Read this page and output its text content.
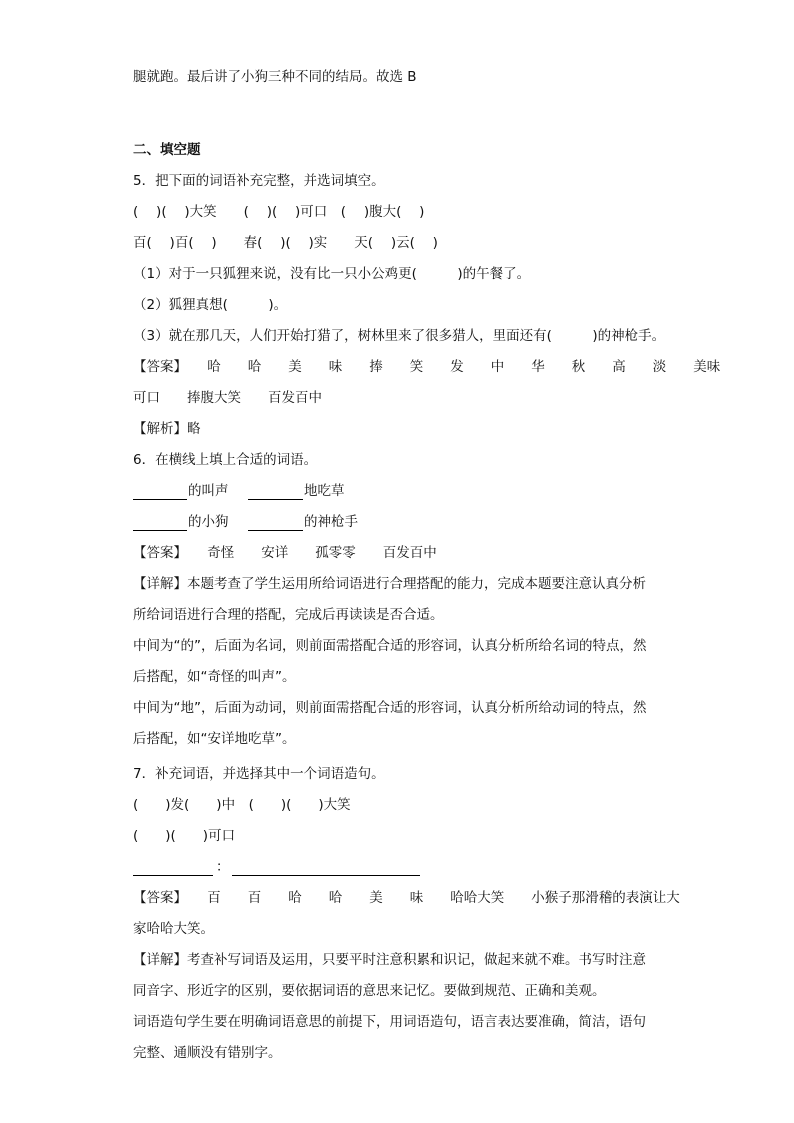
腿就跑。最后讲了小狗三种不同的结局。故选 B
二、填空题
5．把下面的词语补充完整，并选词填空。
(　 )(　 )大笑　　(　 )(　 )可口　(　 )腹大(　 )
百(　 )百(　 )　　春(　 )(　 )实　　天(　 )云(　 )
（1）对于一只狐狸来说，没有比一只小公鸡更(　　　)的午餐了。
（2）狐狸真想(　　　)。
（3）就在那几天，人们开始打猎了，树林里来了很多猎人，里面还有(　　　)的神枪手。
【答案】　　哈　　哈　　美　　味　　捧　　笑　　发　　中　　华　　秋　　高　　淡　　美味
可口　　捧腹大笑　　百发百中
【解析】略
6．在横线上填上合适的词语。
的叫声	地吃草
的小狗	的神枪手
【答案】　　奇怪　　安详　　孤零零　　百发百中
【详解】本题考查了学生运用所给词语进行合理搭配的能力，完成本题要注意认真分析
所给词语进行合理的搭配，完成后再读读是否合适。
中间为“的”，后面为名词，则前面需搭配合适的形容词，认真分析所给名词的特点，然
后搭配，如“奇怪的叫声”。
中间为“地”，后面为动词，则前面需搭配合适的形容词，认真分析所给动词的特点，然
后搭配，如“安详地吃草”。
7．补充词语，并选择其中一个词语造句。
(　　)发(　　)中　(　　)(　　)大笑
(　　)(　　)可口
：
【答案】　　百　　百　　哈　　哈　　美　　味　　哈哈大笑　　小猴子那滑稽的表演让大
家哈哈大笑。
【详解】考查补写词语及运用，只要平时注意积累和识记，做起来就不难。书写时注意
同音字、形近字的区别，要依据词语的意思来记忆。要做到规范、正确和美观。
词语造句学生要在明确词语意思的前提下，用词语造句，语言表达要准确，简洁，语句
完整、通顺没有错别字。
